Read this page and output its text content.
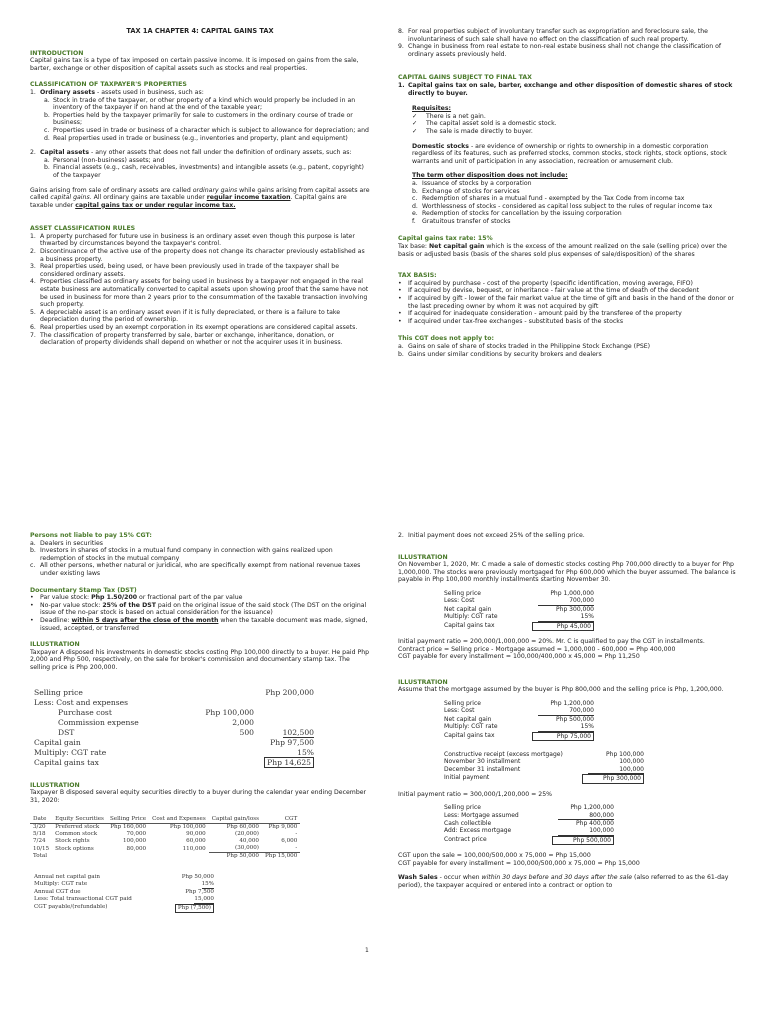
TAX 1A CHAPTER 4: CAPITAL GAINS TAX
INTRODUCTION

Capital gains tax is a type of tax imposed on certain passive income. It is imposed on gains from the sale, barter, exchange or other disposition of capital assets such as stocks and real properties.

CLASSIFICATION OF TAXPAYER'S PROPERTIES
1. Ordinary assets - assets used in business, such as:
a. Stock in trade of the taxpayer, or other property of a kind which would properly be included in an inventory of the taxpayer if on hand at the end of the taxable year;
b. Properties held by the taxpayer primarily for sale to customers in the ordinary course of trade or business;
c. Properties used in trade or business of a character which is subject to allowance for depreciation; and
d. Real properties used in trade or business (e.g., inventories and property, plant and equipment)
2. Capital assets - any other assets that does not fall under the definition of ordinary assets, such as:
a. Personal (non-business) assets; and
b. Financial assets (e.g., cash, receivables, investments) and intangible assets (e.g., patent, copyright) of the taxpayer

Gains arising from sale of ordinary assets are called ordinary gains while gains arising from capital assets are called capital gains. All ordinary gains are taxable under regular income taxation. Capital gains are taxable under capital gains tax or under regular income tax.

ASSET CLASSIFICATION RULES
1. A property purchased for future use in business is an ordinary asset even though this purpose is later thwarted by circumstances beyond the taxpayer's control.
2. Discontinuance of the active use of the property does not change its character previously established as a business property.
3. Real properties used, being used, or have been previously used in trade of the taxpayer shall be considered ordinary assets.
4. Properties classified as ordinary assets for being used in business by a taxpayer not engaged in the real estate business are automatically converted to capital assets upon showing proof that the same have not be used in business for more than 2 years prior to the consummation of the taxable transaction involving such property.
5. A depreciable asset is an ordinary asset even if it is fully depreciated, or there is a failure to take depreciation during the period of ownership.
6. Real properties used by an exempt corporation in its exempt operations are considered capital assets.
7. The classification of property transferred by sale, barter or exchange, inheritance, donation, or declaration of property dividends shall depend on whether or not the acquirer uses it in business.
8. For real properties subject of involuntary transfer such as expropriation and foreclosure sale, the involuntariness of such sale shall have no effect on the classification of such real property.
9. Change in business from real estate to non-real estate business shall not change the classification of ordinary assets previously held.
CAPITAL GAINS SUBJECT TO FINAL TAX
1. Capital gains tax on sale, barter, exchange and other disposition of domestic shares of stock directly to buyer.
Requisites:
✓	There is a net gain.
✓	The capital asset sold is a domestic stock.
✓	The sale is made directly to buyer.

Domestic stocks - are evidence of ownership or rights to ownership in a domestic corporation regardless of its features, such as preferred stocks, common stocks, stock rights, stock options, stock warrants and unit of participation in any association, recreation or amusement club.

The term other disposition does not include:
a. Issuance of stocks by a corporation
b. Exchange of stocks for services
c. Redemption of shares in a mutual fund - exempted by the Tax Code from income tax
d. Worthlessness of stocks - considered as capital loss subject to the rules of regular income tax
e. Redemption of stocks for cancellation by the issuing corporation
f.	Gratuitous transfer of stocks
Capital gains tax rate: 15%

Tax base: Net capital gain which is the excess of the amount realized on the sale (selling price) over the basis or adjusted basis (basis of the shares sold plus expenses of sale/disposition) of the shares

TAX BASIS:
•	If acquired by purchase - cost of the property (specific identification, moving average, FIFO)
•	If acquired by devise, bequest, or inheritance - fair value at the time of death of the decedent
•	If acquired by gift - lower of the fair market value at the time of gift and basis in the hand of the donor or the last preceding owner by whom it was not acquired by gift
•	If acquired for inadequate consideration - amount paid by the transferee of the property
•	If acquired under tax-free exchanges - substituted basis of the stocks
This CGT does not apply to:
a. Gains on sale of share of stocks traded in the Philippine Stock Exchange (PSE)
b. Gains under similar conditions by security brokers and dealers
Persons not liable to pay 15% CGT:
a. Dealers in securities
b. Investors in shares of stocks in a mutual fund company in connection with gains realized upon redemption of stocks in the mutual company
c. All other persons, whether natural or juridical, who are specifically exempt from national revenue taxes under existing laws
Documentary Stamp Tax (DST)
•	Par value stock: Php 1.50/200 or fractional part of the par value
•	No-par value stock: 25% of the DST paid on the original issue of the said stock (The DST on the original issue of the no-par stock is based on actual consideration for the issuance)
•	Deadline: within 5 days after the close of the month when the taxable document was made, signed, issued, accepted, or transferred
ILLUSTRATION

Taxpayer A disposed his investments in domestic stocks costing Php 100,000 directly to a buyer. He paid Php 2,000 and Php 500, respectively, on the sale for broker's commission and documentary stamp tax. The selling price is Php 200,000.

Selling price	Php 200,000
Less: Cost and expenses
Purchase cost	Php 100,000
Commission expense	2,000
DST	500	102,500
Capital gain	Php 97,500
Multiply: CGT rate	15%
Capital gains tax	Php 14,625
ILLUSTRATION

Taxpayer B disposed several equity securities directly to a buyer during the calendar year ending December 31, 2020:

Date	Equity Securities	Selling Price	Cost and Expenses	Capital gain/loss	CGT
3/20	Preferred stock	Php 160,000	Php 100,000	Php 60,000	Php 9,000
5/18	Common stock	70,000	90,000	(20,000)	-
7/24	Stock rights	100,000	60,000	40,000	6,000
10/15	Stock options	80,000	110,000	(30,000)	-
Total				Php 50,000	Php 15,000
Annual net capital gain	Php 50,000
Multiply: CGT rate	15%
Annual CGT due	Php 7,500
Less: Total transactional CGT paid	15,000
CGT payable/(refundable)	Php (7,500)
1
2. Initial payment does not exceed 25% of the selling price.
ILLUSTRATION

On November 1, 2020, Mr. C made a sale of domestic stocks costing Php 700,000 directly to a buyer for Php 1,000,000. The stocks were previously mortgaged for Php 600,000 which the buyer assumed. The balance is payable in Php 100,000 monthly installments starting November 30.

Selling price	Php 1,000,000
Less: Cost	700,000
Net capital gain	Php 300,000
Multiply: CGT rate	15%
Capital gains tax	Php 45,000

Initial payment ratio = 200,000/1,000,000 = 20%. Mr. C is qualified to pay the CGT in installments.

Contract price = Selling price - Mortgage assumed = 1,000,000 - 600,000 = Php 400,000

CGT payable for every installment = 100,000/400,000 x 45,000 = Php 11,250

ILLUSTRATION

Assume that the mortgage assumed by the buyer is Php 800,000 and the selling price is Php, 1,200,000.

Selling price	Php 1,200,000
Less: Cost	700,000
Net capital gain	Php 500,000
Multiply: CGT rate	15%
Capital gains tax	Php 75,000
Constructive receipt (excess mortgage)	Php 100,000
November 30 installment	100,000
December 31 installment	100,000
Initial payment	Php 300,000

Initial payment ratio = 300,000/1,200,000 = 25%

Selling price	Php 1,200,000
Less: Mortgage assumed	800,000
Cash collectible	Php 400,000
Add: Excess mortgage	100,000
Contract price	Php 500,000

CGT upon the sale = 100,000/500,000 x 75,000 = Php 15,000

CGT payable for every installment = 100,000/500,000 x 75,000 = Php 15,000

Wash Sales - occur when within 30 days before and 30 days after the sale (also referred to as the 61-day period), the taxpayer acquired or entered into a contract or option to
